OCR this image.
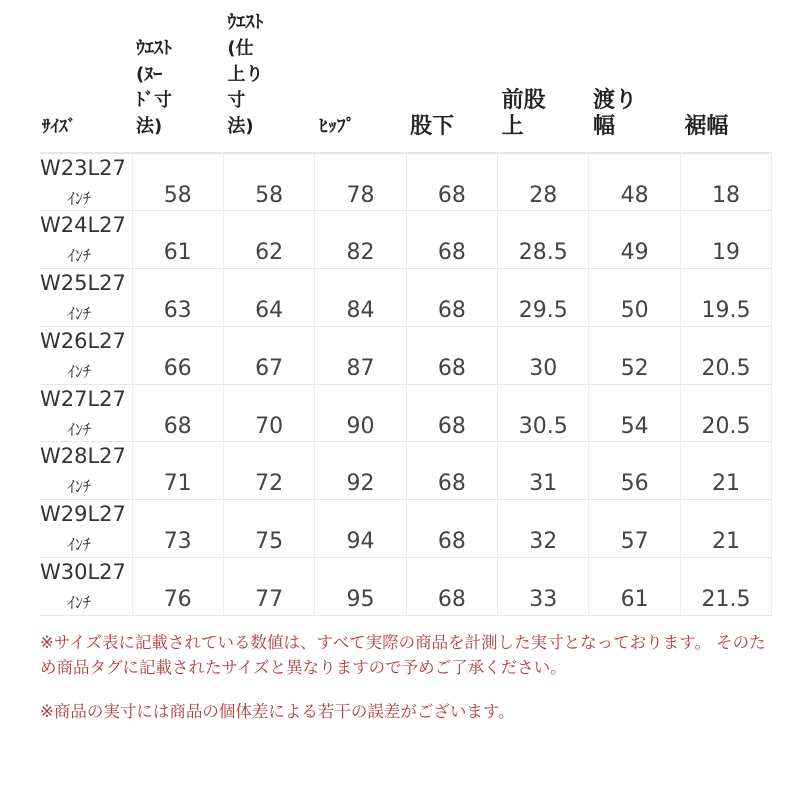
ｻｲｽﾞ	ｳｴｽﾄ
(ﾇｰ
ﾄﾞ寸
法)	ｳｴｽﾄ
(仕
上り
寸
法)	ﾋｯﾌﾟ	股下	前股
上	渡り
幅	裾幅

W23L27
ｲﾝﾁ	58	58	78	68	28	48	18

W24L27
ｲﾝﾁ	61	62	82	68	28.5	49	19

W25L27
ｲﾝﾁ	63	64	84	68	29.5	50	19.5

W26L27
ｲﾝﾁ	66	67	87	68	30	52	20.5

W27L27
ｲﾝﾁ	68	70	90	68	30.5	54	20.5

W28L27
ｲﾝﾁ	71	72	92	68	31	56	21

W29L27
ｲﾝﾁ	73	75	94	68	32	57	21

W30L27
ｲﾝﾁ	76	77	95	68	33	61	21.5

※サイズ表に記載されている数値は、すべて実際の商品を計測した実寸となっております。 そのため商品タグに記載されたサイズと異なりますので予めご了承ください。

※商品の実寸には商品の個体差による若干の誤差がございます。
